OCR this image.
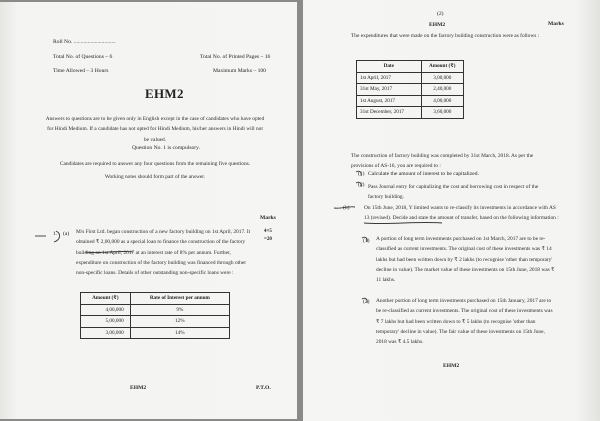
Roll No. ..............................
Total No. of Questions – 6	Total No. of Printed Pages – 16
Time Allowed – 3 Hours	Maximum Marks – 100
EHM2
Answers to questions are to be given only in English except in the case of candidates who have opted for Hindi Medium. If a candidate has not opted for Hindi Medium, his/her answers in Hindi will not be valued.
Question No. 1 is compulsory.
Candidates are required to answer any four questions from the remaining five questions.
Working notes should form part of the answer.
Marks
1. (a) M/s First Ltd. began construction of a new factory building on 1st April, 2017. It obtained ₹ 2,00,000 as a special loan to finance the construction of the factory building on 1st April, 2017 at an interest rate of 8% per annum. Further, expenditure on construction of the factory building was financed through other non-specific loans. Details of other outstanding non-specific loans were :
4×5 =20
Amount (₹)	Rate of Interest per annum
4,00,000	9%
5,00,000	12%
3,00,000	14%
EHM2	P.T.O.
(2)
EHM2	Marks
The expenditures that were made on the factory building construction were as follows :
Date	Amount (₹)
1st April, 2017	3,00,000
31st May, 2017	2,40,000
1st August, 2017	4,00,000
31st December, 2017	3,60,000
The construction of factory building was completed by 31st March, 2018. As per the provisions of AS-16, you are required to :
(1) Calculate the amount of interest to be capitalized.
(2) Pass Journal entry for capitalizing the cost and borrowing cost in respect of the factory building.
(b)	On 15th June, 2018, Y limited wants to re-classify its investments in accordance with AS 13 (revised). Decide and state the amount of transfer, based on the following information :
(1) A portion of long term investments purchased on 1st March, 2017 are to be re-classified as current investments. The original cost of these investments was ₹ 14 lakhs but had been written down by ₹ 2 lakhs (to recognise 'other than temporary' decline in value). The market value of these investments on 15th June, 2018 was ₹ 11 lakhs.
(2) Another portion of long term investments purchased on 15th January, 2017 are to be re-classified as current investments. The original cost of these investments was ₹ 7 lakhs but had been written down to ₹ 5 lakhs (to recognise 'other than temporary' decline in value). The fair value of these investments on 15th June, 2018 was ₹ 4.5 lakhs.
EHM2
